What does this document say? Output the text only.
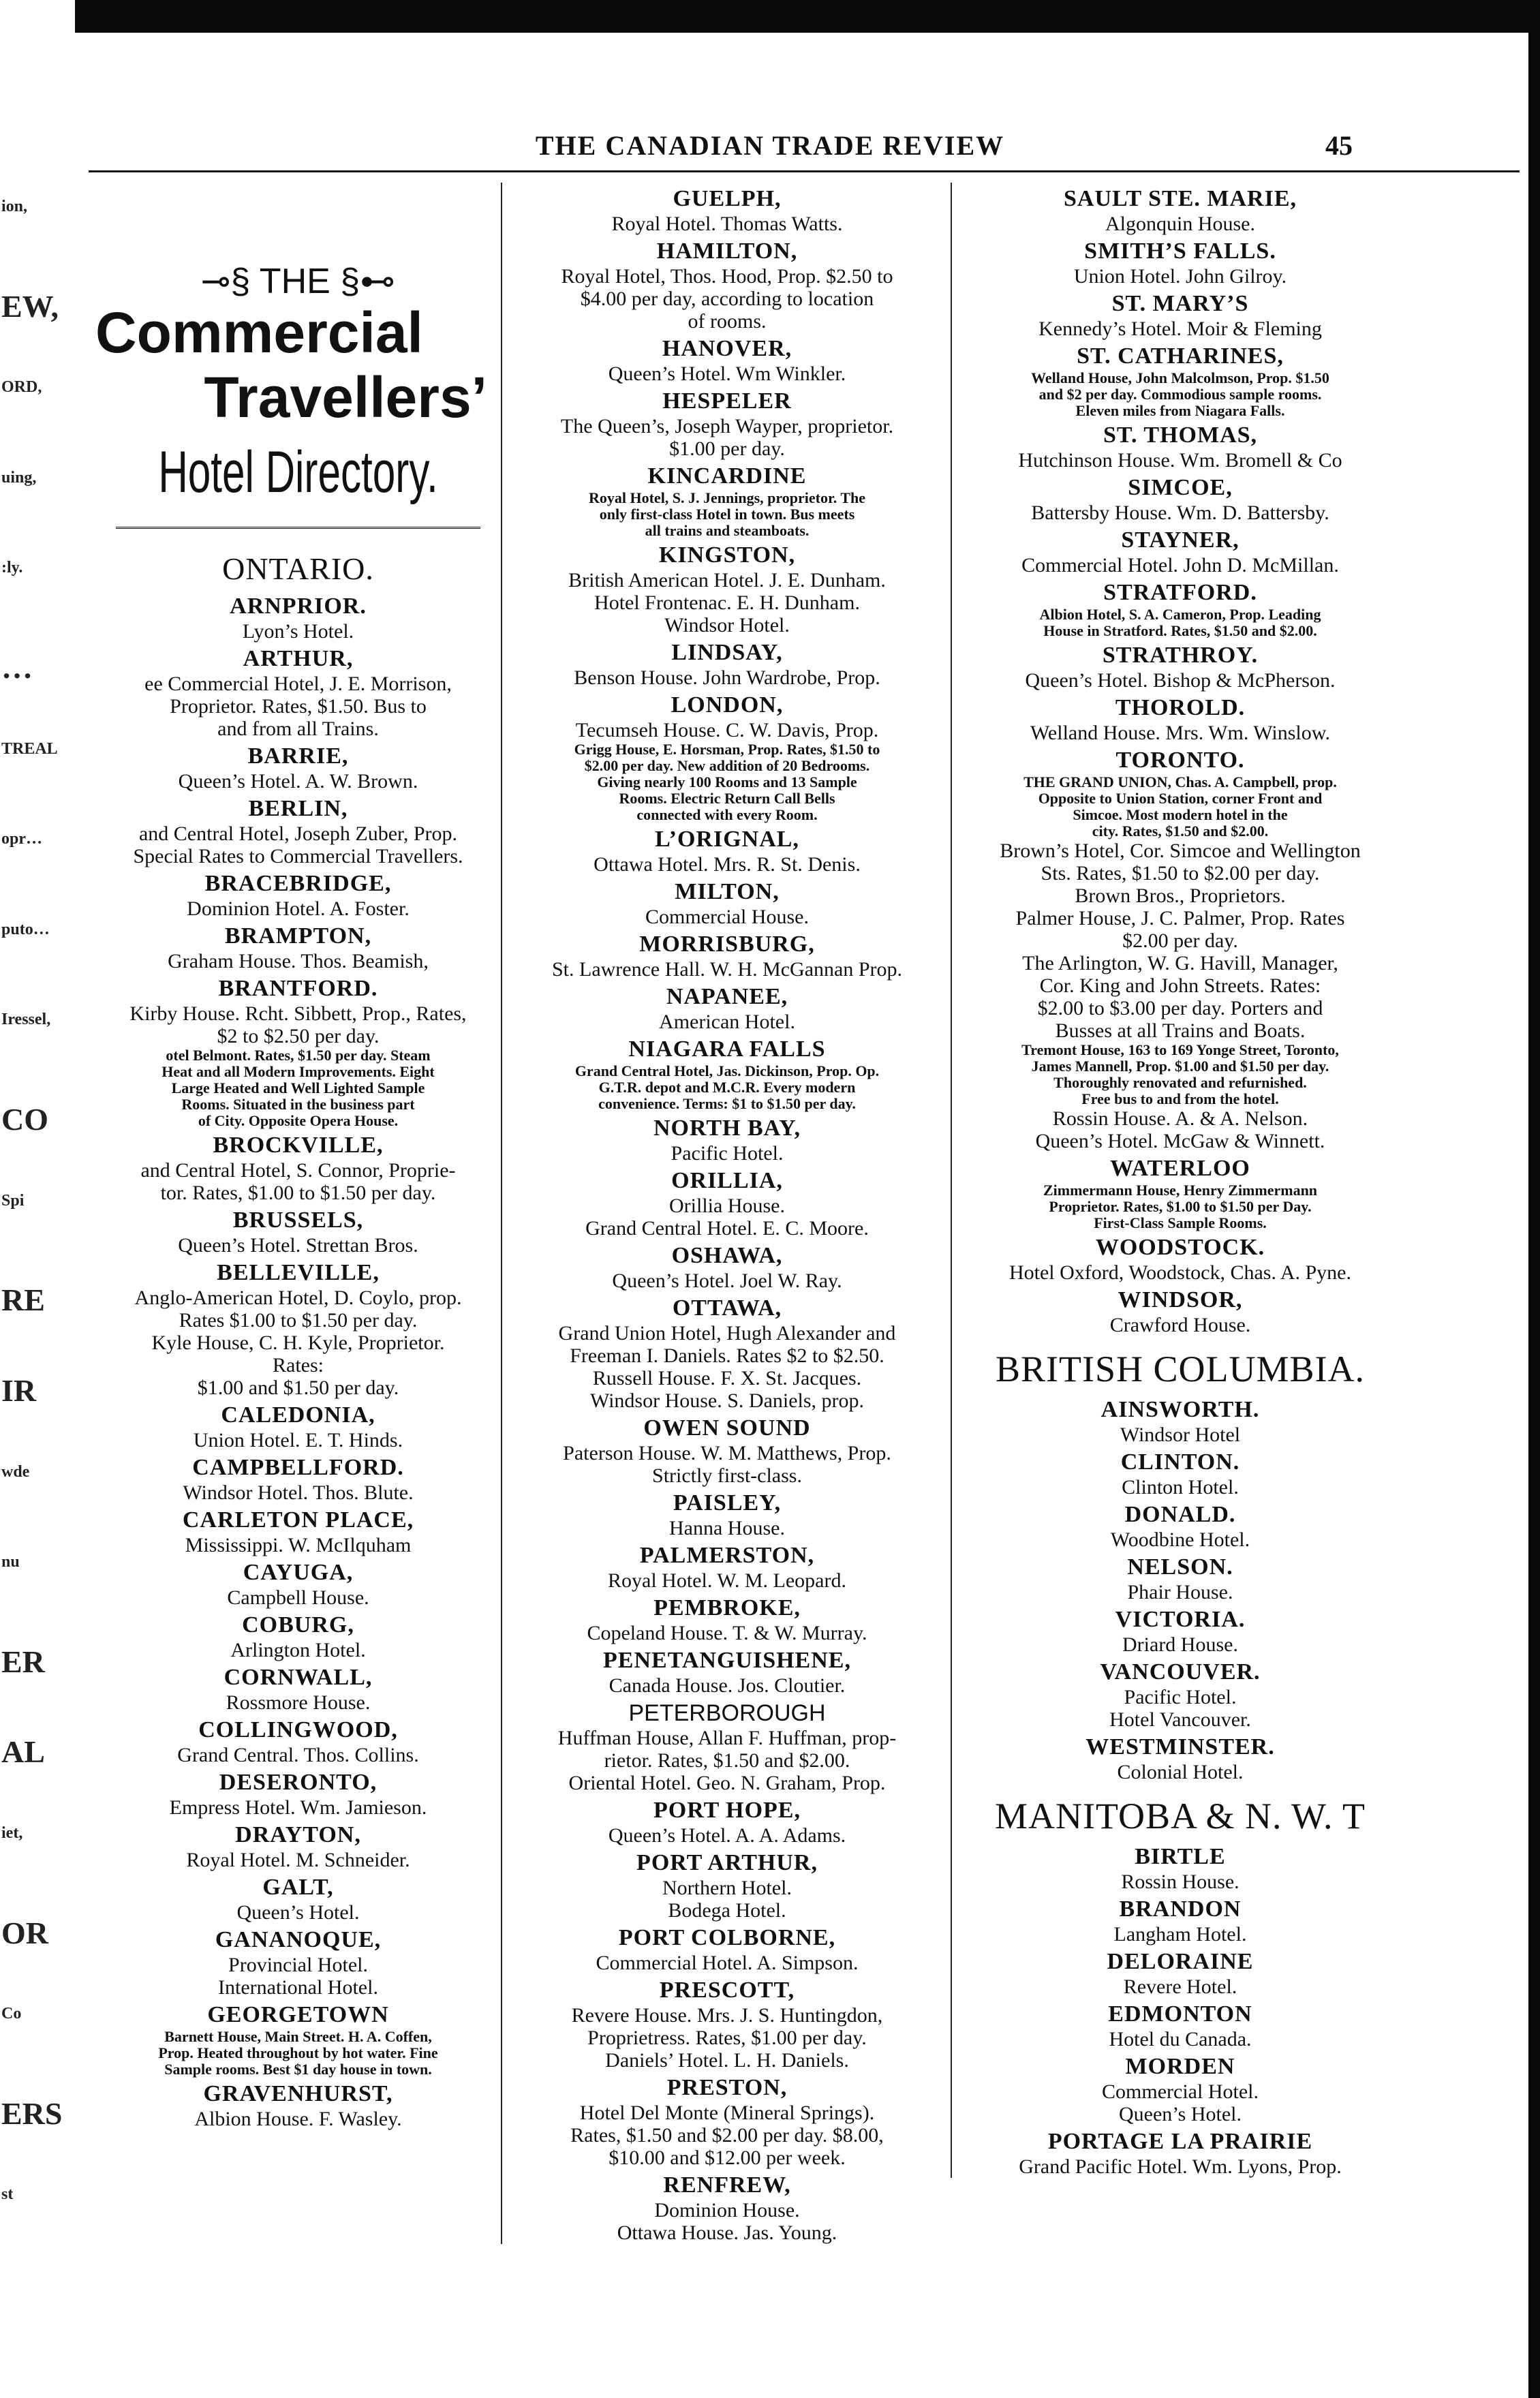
THE CANADIAN TRADE REVIEW	45
ion,
EW,
ORD,
uing,
:ly.
…
TREAL
opr…
puto…
Iressel,
CO
Spi
RE
IR
wde
nu
ER
AL
iet,
OR
Co
ERS
st
⊸§ THE §⊷
Commercial
Travellers’
Hotel Directory.
ONTARIO.
ARNPRIOR.
Lyon’s Hotel.
ARTHUR,
ee Commercial Hotel, J. E. Morrison,
Proprietor. Rates, $1.50. Bus to
and from all Trains.
BARRIE,
Queen’s Hotel. A. W. Brown.
BERLIN,
and Central Hotel, Joseph Zuber, Prop.
Special Rates to Commercial Travellers.
BRACEBRIDGE,
Dominion Hotel. A. Foster.
BRAMPTON,
Graham House. Thos. Beamish,
BRANTFORD.
Kirby House. Rcht. Sibbett, Prop., Rates,
$2 to $2.50 per day.
otel Belmont. Rates, $1.50 per day. Steam
Heat and all Modern Improvements. Eight
Large Heated and Well Lighted Sample
Rooms. Situated in the business part
of City. Opposite Opera House.
BROCKVILLE,
and Central Hotel, S. Connor, Proprie-
tor. Rates, $1.00 to $1.50 per day.
BRUSSELS,
Queen’s Hotel. Strettan Bros.
BELLEVILLE,
Anglo-American Hotel, D. Coylo, prop.
Rates $1.00 to $1.50 per day.
Kyle House, C. H. Kyle, Proprietor.
Rates:
$1.00 and $1.50 per day.
CALEDONIA,
Union Hotel. E. T. Hinds.
CAMPBELLFORD.
Windsor Hotel. Thos. Blute.
CARLETON PLACE,
Mississippi. W. McIlquham
CAYUGA,
Campbell House.
COBURG,
Arlington Hotel.
CORNWALL,
Rossmore House.
COLLINGWOOD,
Grand Central. Thos. Collins.
DESERONTO,
Empress Hotel. Wm. Jamieson.
DRAYTON,
Royal Hotel. M. Schneider.
GALT,
Queen’s Hotel.
GANANOQUE,
Provincial Hotel.
International Hotel.
GEORGETOWN
Barnett House, Main Street. H. A. Coffen,
Prop. Heated throughout by hot water. Fine
Sample rooms. Best $1 day house in town.
GRAVENHURST,
Albion House. F. Wasley.
GUELPH,
Royal Hotel. Thomas Watts.
HAMILTON,
Royal Hotel, Thos. Hood, Prop. $2.50 to
$4.00 per day, according to location
of rooms.
HANOVER,
Queen’s Hotel. Wm Winkler.
HESPELER
The Queen’s, Joseph Wayper, proprietor.
$1.00 per day.
KINCARDINE
Royal Hotel, S. J. Jennings, proprietor. The
only first-class Hotel in town. Bus meets
all trains and steamboats.
KINGSTON,
British American Hotel. J. E. Dunham.
Hotel Frontenac. E. H. Dunham.
Windsor Hotel.
LINDSAY,
Benson House. John Wardrobe, Prop.
LONDON,
Tecumseh House. C. W. Davis, Prop.
Grigg House, E. Horsman, Prop. Rates, $1.50 to
$2.00 per day. New addition of 20 Bedrooms.
Giving nearly 100 Rooms and 13 Sample
Rooms. Electric Return Call Bells
connected with every Room.
L’ORIGNAL,
Ottawa Hotel. Mrs. R. St. Denis.
MILTON,
Commercial House.
MORRISBURG,
St. Lawrence Hall. W. H. McGannan Prop.
NAPANEE,
American Hotel.
NIAGARA FALLS
Grand Central Hotel, Jas. Dickinson, Prop. Op.
G.T.R. depot and M.C.R. Every modern
convenience. Terms: $1 to $1.50 per day.
NORTH BAY,
Pacific Hotel.
ORILLIA,
Orillia House.
Grand Central Hotel. E. C. Moore.
OSHAWA,
Queen’s Hotel. Joel W. Ray.
OTTAWA,
Grand Union Hotel, Hugh Alexander and
Freeman I. Daniels. Rates $2 to $2.50.
Russell House. F. X. St. Jacques.
Windsor House. S. Daniels, prop.
OWEN SOUND
Paterson House. W. M. Matthews, Prop.
Strictly first-class.
PAISLEY,
Hanna House.
PALMERSTON,
Royal Hotel. W. M. Leopard.
PEMBROKE,
Copeland House. T. & W. Murray.
PENETANGUISHENE,
Canada House. Jos. Cloutier.
PETERBOROUGH
Huffman House, Allan F. Huffman, prop-
rietor. Rates, $1.50 and $2.00.
Oriental Hotel. Geo. N. Graham, Prop.
PORT HOPE,
Queen’s Hotel. A. A. Adams.
PORT ARTHUR,
Northern Hotel.
Bodega Hotel.
PORT COLBORNE,
Commercial Hotel. A. Simpson.
PRESCOTT,
Revere House. Mrs. J. S. Huntingdon,
Proprietress. Rates, $1.00 per day.
Daniels’ Hotel. L. H. Daniels.
PRESTON,
Hotel Del Monte (Mineral Springs).
Rates, $1.50 and $2.00 per day. $8.00,
$10.00 and $12.00 per week.
RENFREW,
Dominion House.
Ottawa House. Jas. Young.
SAULT STE. MARIE,
Algonquin House.
SMITH’S FALLS.
Union Hotel. John Gilroy.
ST. MARY’S
Kennedy’s Hotel. Moir & Fleming
ST. CATHARINES,
Welland House, John Malcolmson, Prop. $1.50
and $2 per day. Commodious sample rooms.
Eleven miles from Niagara Falls.
ST. THOMAS,
Hutchinson House. Wm. Bromell & Co
SIMCOE,
Battersby House. Wm. D. Battersby.
STAYNER,
Commercial Hotel. John D. McMillan.
STRATFORD.
Albion Hotel, S. A. Cameron, Prop. Leading
House in Stratford. Rates, $1.50 and $2.00.
STRATHROY.
Queen’s Hotel. Bishop & McPherson.
THOROLD.
Welland House. Mrs. Wm. Winslow.
TORONTO.
THE GRAND UNION, Chas. A. Campbell, prop.
Opposite to Union Station, corner Front and
Simcoe. Most modern hotel in the
city. Rates, $1.50 and $2.00.
Brown’s Hotel, Cor. Simcoe and Wellington
Sts. Rates, $1.50 to $2.00 per day.
Brown Bros., Proprietors.
Palmer House, J. C. Palmer, Prop. Rates
$2.00 per day.
The Arlington, W. G. Havill, Manager,
Cor. King and John Streets. Rates:
$2.00 to $3.00 per day. Porters and
Busses at all Trains and Boats.
Tremont House, 163 to 169 Yonge Street, Toronto,
James Mannell, Prop. $1.00 and $1.50 per day.
Thoroughly renovated and refurnished.
Free bus to and from the hotel.
Rossin House. A. & A. Nelson.
Queen’s Hotel. McGaw & Winnett.
WATERLOO
Zimmermann House, Henry Zimmermann
Proprietor. Rates, $1.00 to $1.50 per Day.
First-Class Sample Rooms.
WOODSTOCK.
Hotel Oxford, Woodstock, Chas. A. Pyne.
WINDSOR,
Crawford House.
BRITISH COLUMBIA.
AINSWORTH.
Windsor Hotel
CLINTON.
Clinton Hotel.
DONALD.
Woodbine Hotel.
NELSON.
Phair House.
VICTORIA.
Driard House.
VANCOUVER.
Pacific Hotel.
Hotel Vancouver.
WESTMINSTER.
Colonial Hotel.
MANITOBA & N. W. T
BIRTLE
Rossin House.
BRANDON
Langham Hotel.
DELORAINE
Revere Hotel.
EDMONTON
Hotel du Canada.
MORDEN
Commercial Hotel.
Queen’s Hotel.
PORTAGE LA PRAIRIE
Grand Pacific Hotel. Wm. Lyons, Prop.
